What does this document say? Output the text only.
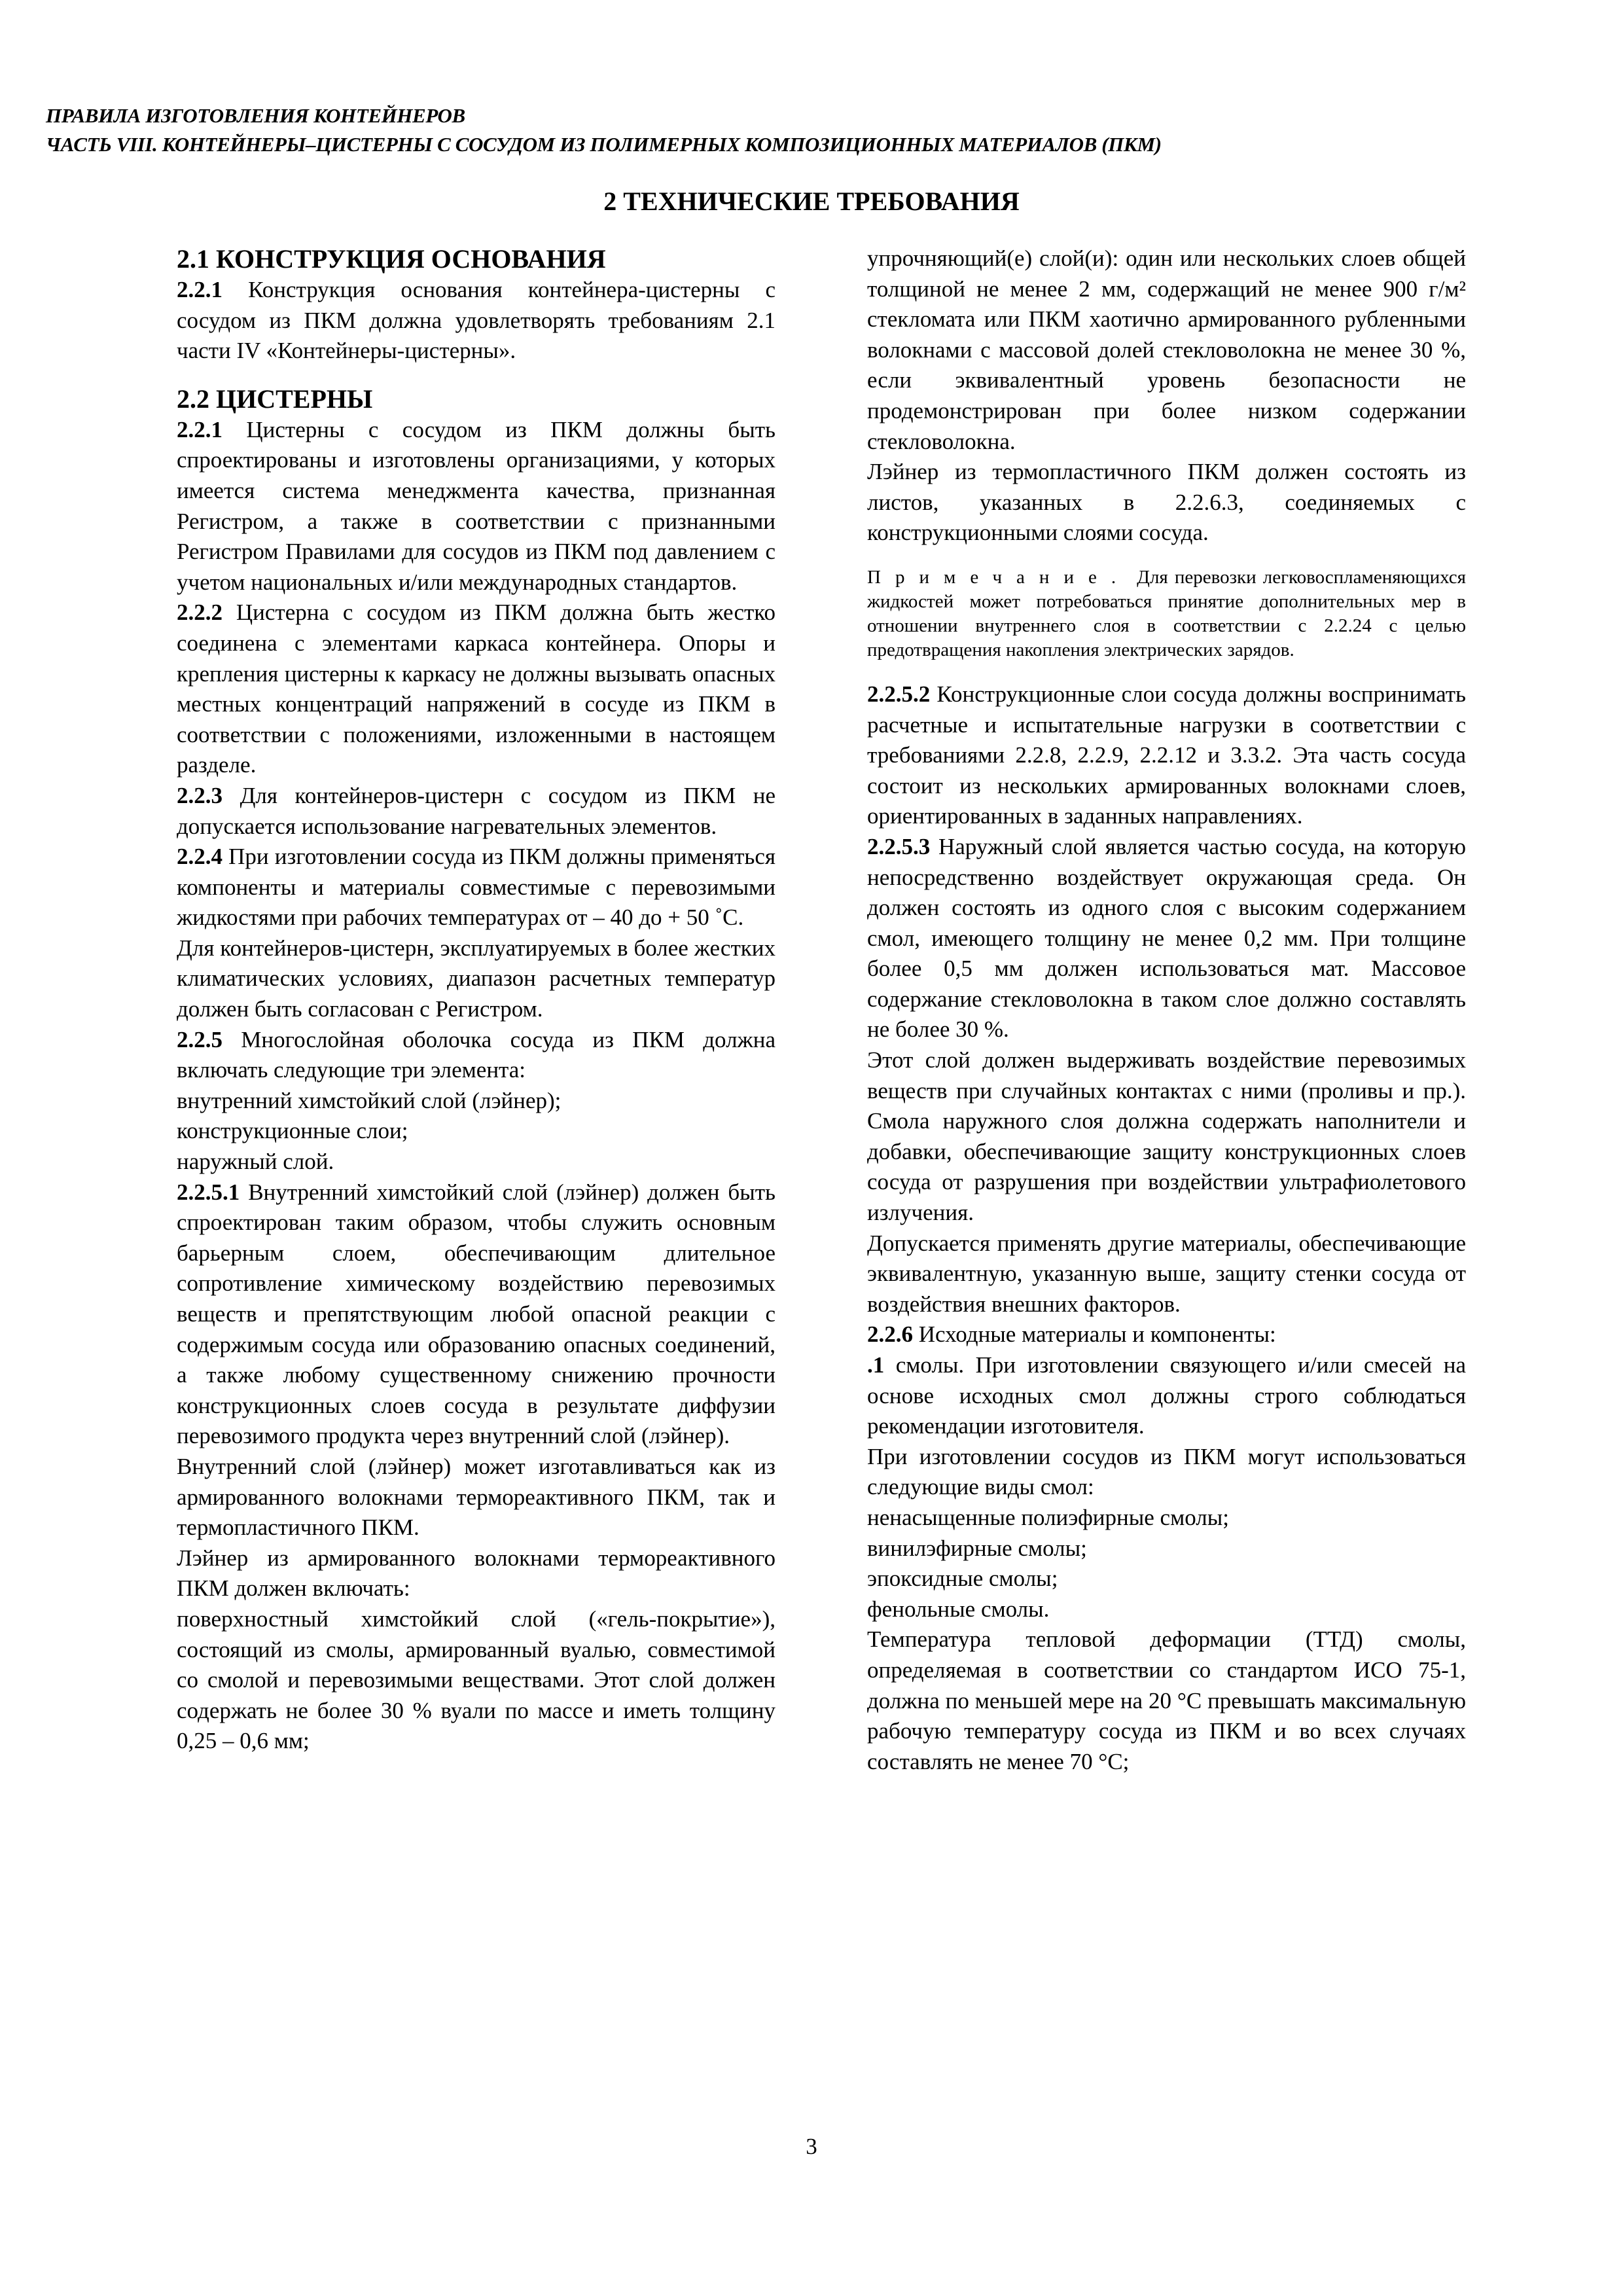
ПРАВИЛА ИЗГОТОВЛЕНИЯ КОНТЕЙНЕРОВ
ЧАСТЬ VIII. КОНТЕЙНЕРЫ–ЦИСТЕРНЫ С СОСУДОМ ИЗ ПОЛИМЕРНЫХ КОМПОЗИЦИОННЫХ МАТЕРИАЛОВ (ПКМ)
2 ТЕХНИЧЕСКИЕ ТРЕБОВАНИЯ
2.1 КОНСТРУКЦИЯ ОСНОВАНИЯ

2.2.1 Конструкция основания контейнера-цистерны с сосудом из ПКМ должна удовлетворять требованиям 2.1 части IV «Контейнеры-цистерны».

2.2 ЦИСТЕРНЫ

2.2.1 Цистерны с сосудом из ПКМ должны быть спроектированы и изготовлены организациями, у которых имеется система менеджмента качества, признанная Регистром, а также в соответствии с признанными Регистром Правилами для сосудов из ПКМ под давлением с учетом национальных и/или международных стандартов.

2.2.2 Цистерна с сосудом из ПКМ должна быть жестко соединена с элементами каркаса контейнера. Опоры и крепления цистерны к каркасу не должны вызывать опасных местных концентраций напряжений в сосуде из ПКМ в соответствии с положениями, изложенными в настоящем разделе.

2.2.3 Для контейнеров-цистерн с сосудом из ПКМ не допускается использование нагревательных элементов.

2.2.4 При изготовлении сосуда из ПКМ должны применяться компоненты и материалы совместимые с перевозимыми жидкостями при рабочих температурах от – 40 до + 50 ˚С.

Для контейнеров-цистерн, эксплуатируемых в более жестких климатических условиях, диапазон расчетных температур должен быть согласован с Регистром.

2.2.5 Многослойная оболочка сосуда из ПКМ должна включать следующие три элемента:

внутренний химстойкий слой (лэйнер);

конструкционные слои;

наружный слой.

2.2.5.1 Внутренний химстойкий слой (лэйнер) должен быть спроектирован таким образом, чтобы служить основным барьерным слоем, обеспечивающим длительное сопротивление химическому воздействию перевозимых веществ и препятствующим любой опасной реакции с содержимым сосуда или образованию опасных соединений, а также любому существенному снижению прочности конструкционных слоев сосуда в результате диффузии перевозимого продукта через внутренний слой (лэйнер).

Внутренний слой (лэйнер) может изготавливаться как из армированного волокнами термореактивного ПКМ, так и термопластичного ПКМ.

Лэйнер из армированного волокнами термореактивного ПКМ должен включать:

поверхностный химстойкий слой («гель-покрытие»), состоящий из смолы, армированный вуалью, совместимой со смолой и перевозимыми веществами. Этот слой должен содержать не более 30 % вуали по массе и иметь толщину 0,25 – 0,6 мм;

упрочняющий(е) слой(и): один или нескольких слоев общей толщиной не менее 2 мм, содержащий не менее 900 г/м² стекломата или ПКМ хаотично армированного рубленными волокнами с массовой долей стекловолокна не менее 30 %, если эквивалентный уровень безопасности не продемонстрирован при более низком содержании стекловолокна.

Лэйнер из термопластичного ПКМ должен состоять из листов, указанных в 2.2.6.3, соединяемых с конструкционными слоями сосуда.

Примечание. Для перевозки легковоспламеняющихся жидкостей может потребоваться принятие дополнительных мер в отношении внутреннего слоя в соответствии с 2.2.24 с целью предотвращения накопления электрических зарядов.

2.2.5.2 Конструкционные слои сосуда должны воспринимать расчетные и испытательные нагрузки в соответствии с требованиями 2.2.8, 2.2.9, 2.2.12 и 3.3.2. Эта часть сосуда состоит из нескольких армированных волокнами слоев, ориентированных в заданных направлениях.

2.2.5.3 Наружный слой является частью сосуда, на которую непосредственно воздействует окружающая среда. Он должен состоять из одного слоя с высоким содержанием смол, имеющего толщину не менее 0,2 мм. При толщине более 0,5 мм должен использоваться мат. Массовое содержание стекловолокна в таком слое должно составлять не более 30 %.

Этот слой должен выдерживать воздействие перевозимых веществ при случайных контактах с ними (проливы и пр.). Смола наружного слоя должна содержать наполнители и добавки, обеспечивающие защиту конструкционных слоев сосуда от разрушения при воздействии ультрафиолетового излучения.

Допускается применять другие материалы, обеспечивающие эквивалентную, указанную выше, защиту стенки сосуда от воздействия внешних факторов.

2.2.6 Исходные материалы и компоненты:

.1 смолы. При изготовлении связующего и/или смесей на основе исходных смол должны строго соблюдаться рекомендации изготовителя.

При изготовлении сосудов из ПКМ могут использоваться следующие виды смол:

ненасыщенные полиэфирные смолы;

винилэфирные смолы;

эпоксидные смолы;

фенольные смолы.

Температура тепловой деформации (ТТД) смолы, определяемая в соответствии со стандартом ИСО 75-1, должна по меньшей мере на 20 °С превышать максимальную рабочую температуру сосуда из ПКМ и во всех случаях составлять не менее 70 °С;

3
